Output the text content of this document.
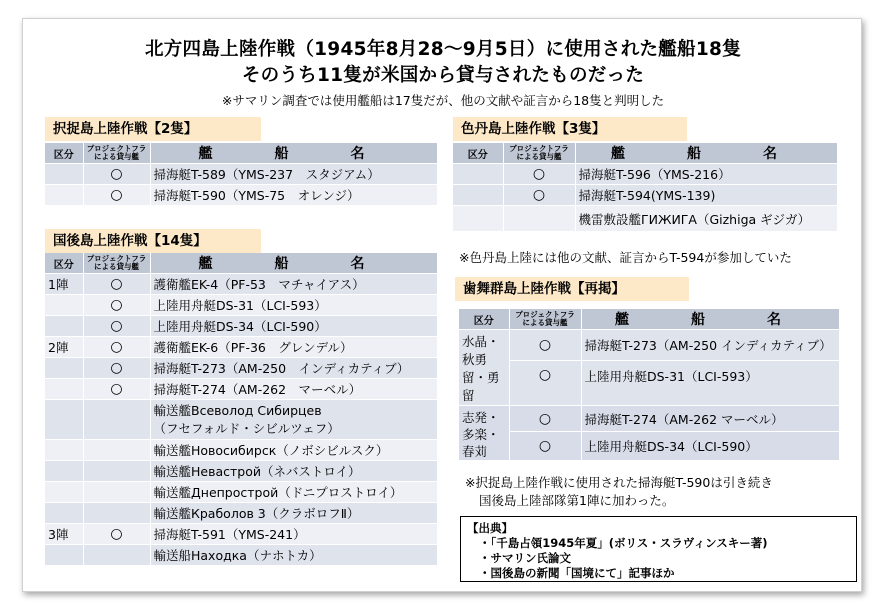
北方四島上陸作戦（1945年8月28～9月5日）に使用された艦船18隻
そのうち11隻が米国から貸与されたものだった
※サマリン調査では使用艦船は17隻だが、他の文献や証言から18隻と判明した
択捉島上陸作戦【2隻】
区分	プロジェクトフラによる貸与艦	艦　船　名
	○	掃海艇T-589（YMS-237　スタジアム）
	○	掃海艇T-590（YMS-75　オレンジ）
国後島上陸作戦【14隻】
区分	プロジェクトフラによる貸与艦	艦　船　名
1陣	○	護衛艦EK-4（PF-53　マチャイアス）
	○	上陸用舟艇DS-31（LCI-593）
	○	上陸用舟艇DS-34（LCI-590）
2陣	○	護衛艦EK-6（PF-36　グレンデル）
	○	掃海艇T-273（AM-250　インディカティブ）
	○	掃海艇T-274（AM-262　マーベル）

		輸送艦Всеволод Сибирцев
（フセフォルド・シビルツェフ）

		輸送艦Новосибирск（ノボシビルスク）
		輸送艦Невастрой（ネバストロイ）
		輸送艦Днепрострой（ドニプロストロイ）
		輸送艦Краболов 3（クラボロフⅡ）
3陣	○	掃海艇T-591（YMS-241）
		輸送船Находка（ナホトカ）
色丹島上陸作戦【3隻】
区分	プロジェクトフラによる貸与艦	艦　船　名
	○	掃海艇T-596（YMS-216）
	○	掃海艇T-594(YMS-139)
		機雷敷設艦ГИЖИГА（Gizhiga ギジガ）
※色丹島上陸には他の文献、証言からT-594が参加していた
歯舞群島上陸作戦【再掲】
区分	プロジェクトフラによる貸与艦	艦　船　名
水晶・秋勇留・勇留	○	掃海艇T-273（AM-250 インディカティブ）
	○	上陸用舟艇DS-31（LCI-593）
志発・多楽・春苅	○	掃海艇T-274（AM-262 マーベル）
	○	上陸用舟艇DS-34（LCI-590）
※択捉島上陸作戦に使用された掃海艇T-590は引き続き
国後島上陸部隊第1陣に加わった。
【出典】
・「千島占領1945年夏」(ボリス・スラヴィンスキー著)
・サマリン氏論文
・国後島の新聞「国境にて」記事ほか
